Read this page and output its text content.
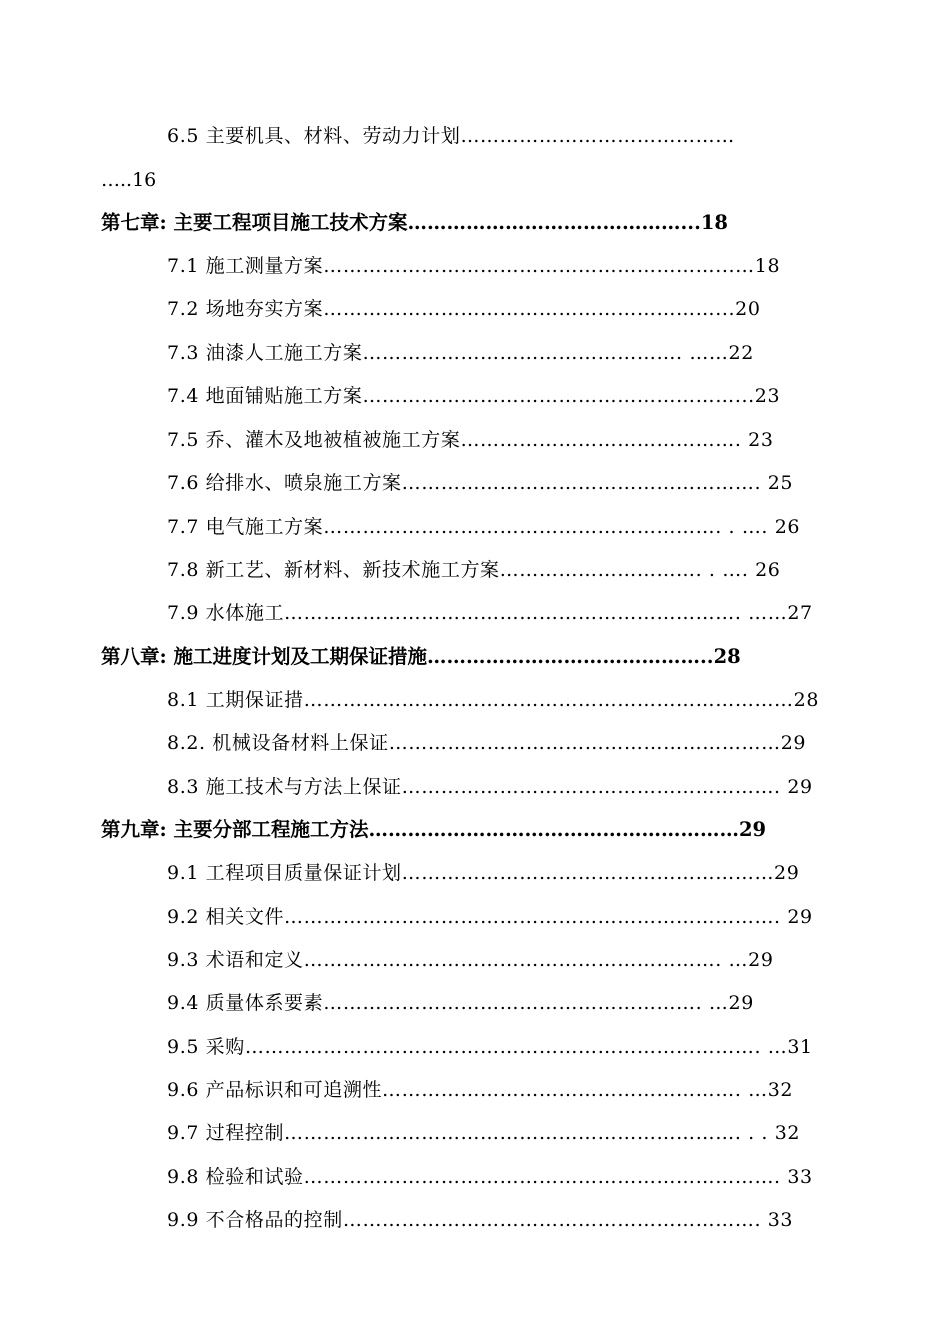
6.5 主要机具、材料、劳动力计划……………………………………
…..16
第七章: 主要工程项目施工技术方案……………………………………...18
7.1 施工测量方案……………………………………………………...…18
7.2 场地夯实方案……………………………………………………...20
7.3 油漆人工施工方案…………………………………………. ……22
7.4 地面铺贴施工方案…………………………………………………...23
7.5 乔、灌木及地被植被施工方案……………………………………. 23
7.6 给排水、喷泉施工方案………………………………………………. 25
7.7 电气施工方案……………………………………………………. . …. 26
7.8 新工艺、新材料、新技术施工方案…………………………. . …. 26
7.9 水体施工……………………………………………………………. ……27
第八章: 施工进度计划及工期保证措施……………………………………..28
8.1 工期保证措…………………………………………………………………28
8.2. 机械设备材料上保证……………………………………………………29
8.3 施工技术与方法上保证…………………………………………………. 29
第九章: 主要分部工程施工方法…………………………………………………29
9.1 工程项目质量保证计划…………………………………………………29
9.2 相关文件…………………………………………………………………. 29
9.3 术语和定义………………………………………………………. …29
9.4 质量体系要素…………………………………………………. …29
9.5 采购……………………………………………………………………. …31
9.6 产品标识和可追溯性………………………………………………. …32
9.7 过程控制……………………………………………………………. . . 32
9.8 检验和试验………………………………………………………………. 33
9.9 不合格品的控制………………………………………………………. 33
